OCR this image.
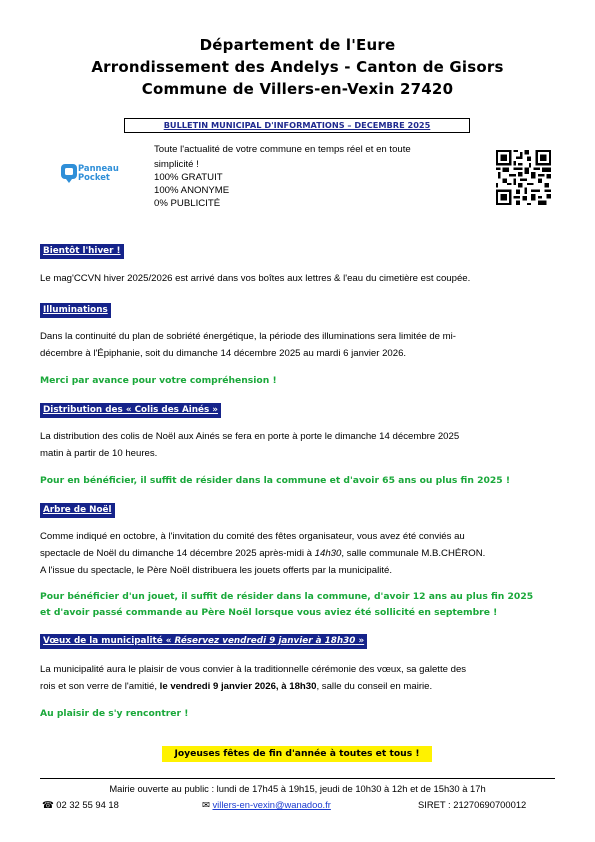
Département de l'Eure
Arrondissement des Andelys - Canton de Gisors
Commune de Villers-en-Vexin 27420
BULLETIN MUNICIPAL D'INFORMATIONS – DECEMBRE 2025
Panneau
Pocket
Toute l'actualité de votre commune en temps réel et en toute
simplicité !
100% GRATUIT
100% ANONYME
0% PUBLICITÉ
Bientôt l'hiver !
Le mag'CCVN hiver 2025/2026 est arrivé dans vos boîtes aux lettres & l'eau du cimetière est coupée.
Illuminations
Dans la continuité du plan de sobriété énergétique, la période des illuminations sera limitée de mi-
décembre à l'Épiphanie, soit du dimanche 14 décembre 2025 au mardi 6 janvier 2026.
Merci par avance pour votre compréhension !
Distribution des « Colis des Ainés »
La distribution des colis de Noël aux Ainés se fera en porte à porte le dimanche 14 décembre 2025
matin à partir de 10 heures.
Pour en bénéficier, il suffit de résider dans la commune et d'avoir 65 ans ou plus fin 2025 !
Arbre de Noël
Comme indiqué en octobre, à l'invitation du comité des fêtes organisateur, vous avez été conviés au
spectacle de Noël du dimanche 14 décembre 2025 après-midi à 14h30, salle communale M.B.CHÉRON.
A l'issue du spectacle, le Père Noël distribuera les jouets offerts par la municipalité.
Pour bénéficier d'un jouet, il suffit de résider dans la commune, d'avoir 12 ans au plus fin 2025
et d'avoir passé commande au Père Noël lorsque vous aviez été sollicité en septembre !
Vœux de la municipalité « Réservez vendredi 9 janvier à 18h30 »
La municipalité aura le plaisir de vous convier à la traditionnelle cérémonie des vœux, sa galette des
rois et son verre de l'amitié, le vendredi 9 janvier 2026, à 18h30, salle du conseil en mairie.
Au plaisir de s'y rencontrer !
Joyeuses fêtes de fin d'année à toutes et tous !
Mairie ouverte au public : lundi de 17h45 à 19h15, jeudi de 10h30 à 12h et de 15h30 à 17h
☎ 02 32 55 94 18	✉ villers-en-vexin@wanadoo.fr	SIRET : 21270690700012
